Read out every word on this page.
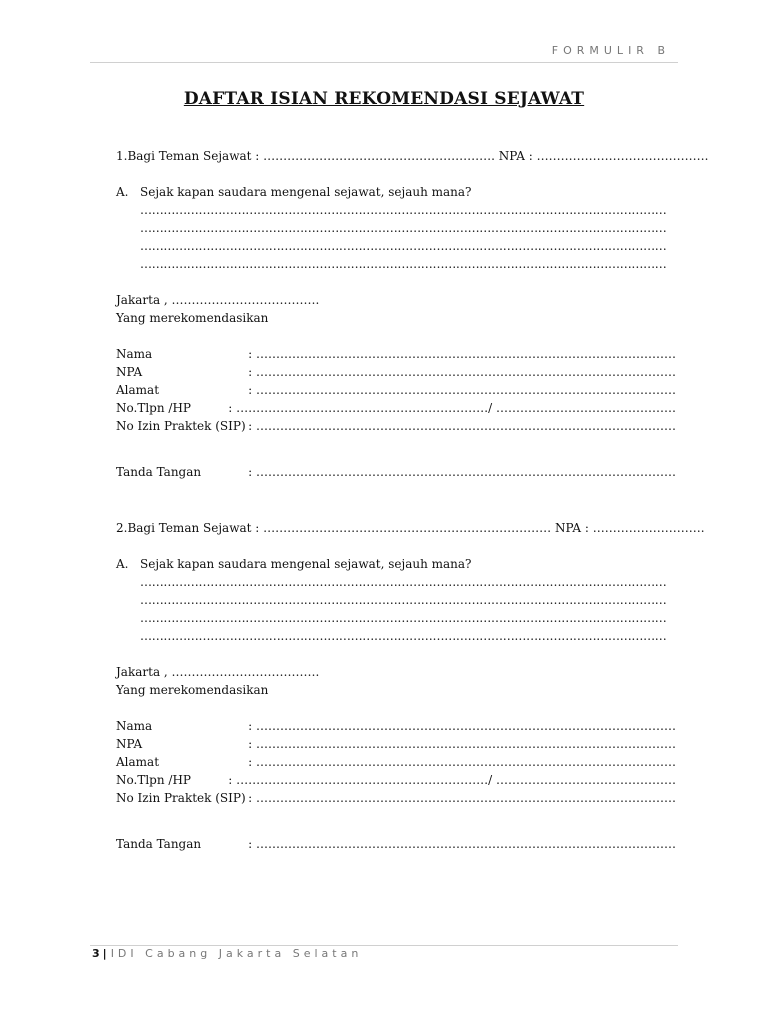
FORMULIR B
DAFTAR ISIAN REKOMENDASI SEJAWAT
1. Bagi Teman Sejawat : …………………………………………………. NPA : …………………………………….
A. Sejak kapan saudara mengenal sejawat, sejauh mana?
………………………………………………………………………………………………………………………
………………………………………………………………………………………………………………………
………………………………………………………………………………………………………………………
………………………………………………………………………………………………………………………
Jakarta , ……………………………….
Yang merekomendasikan
Nama	: ……………………………………………………………………………………………
NPA	: ……………………………………………………………………………………………
Alamat	: ……………………………………………………………………………………………
No.Tlpn /HP	: ………………………………………………………/ ………………………………………
No Izin Praktek (SIP) : ……………………………………………………………………………………………
Tanda Tangan	: ……………………………………………………………………………………………
2. Bagi Teman Sejawat : ……………………………………………………………… NPA : ……………………….
A. Sejak kapan saudara mengenal sejawat, sejauh mana?
………………………………………………………………………………………………………………………
………………………………………………………………………………………………………………………
………………………………………………………………………………………………………………………
………………………………………………………………………………………………………………………
Jakarta , ……………………………….
Yang merekomendasikan
Nama	: ……………………………………………………………………………………………
NPA	: ……………………………………………………………………………………………
Alamat	: ……………………………………………………………………………………………
No.Tlpn /HP	: ………………………………………………………/ ………………………………………
No Izin Praktek (SIP) : ……………………………………………………………………………………………
Tanda Tangan	: ……………………………………………………………………………………………
3 | IDI Cabang Jakarta Selatan
